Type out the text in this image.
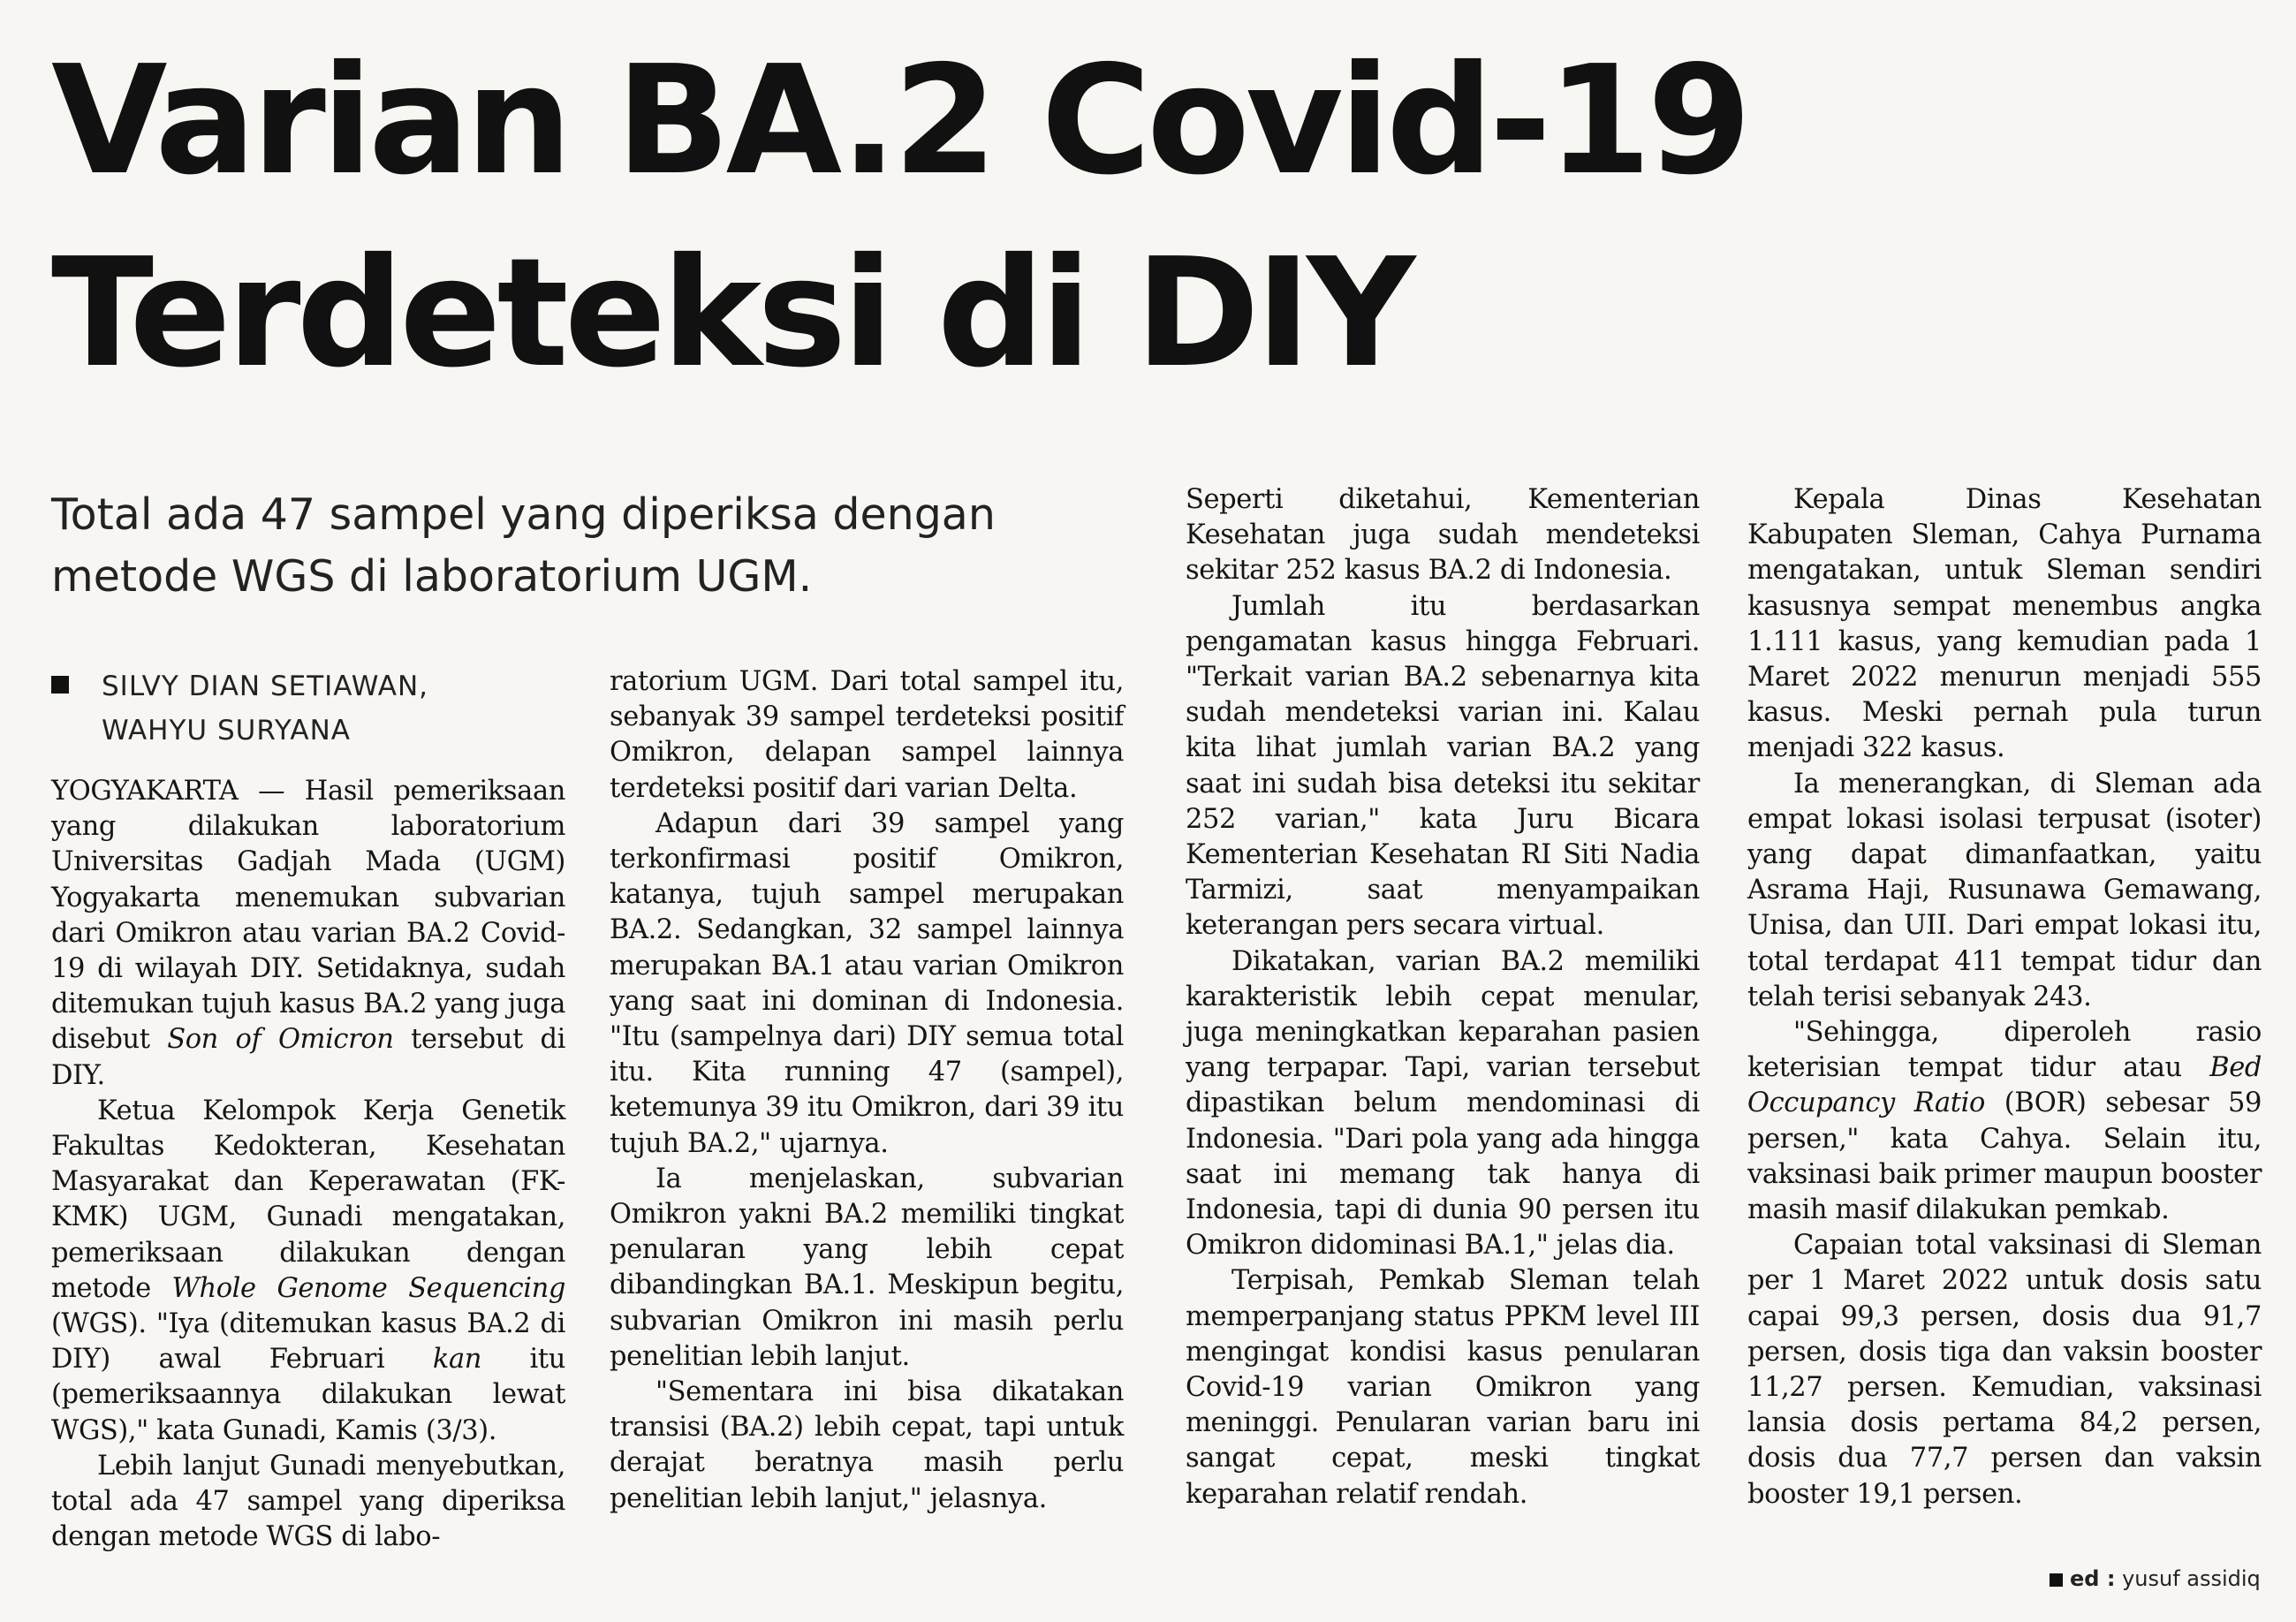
Varian BA.2 Covid-19
Terdeteksi di DIY
Total ada 47 sampel yang diperiksa dengan metode WGS di laboratorium UGM.
SILVY DIAN SETIAWAN,
WAHYU SURYANA

YOGYAKARTA — Hasil pemeriksaan yang dilakukan laboratorium Universitas Gadjah Mada (UGM) Yogyakarta menemukan subvarian dari Omikron atau varian BA.2 Covid-19 di wilayah DIY. Setidaknya, sudah ditemukan tujuh kasus BA.2 yang juga disebut Son of Omicron tersebut di DIY.

Ketua Kelompok Kerja Genetik Fakultas Kedokteran, Kesehatan Masyarakat dan Keperawatan (FK-KMK) UGM, Gunadi mengatakan, pemeriksaan dilakukan dengan metode Whole Genome Sequencing (WGS). "Iya (ditemukan kasus BA.2 di DIY) awal Februari kan itu (pemeriksaannya dilakukan lewat WGS)," kata Gunadi, Kamis (3/3).

Lebih lanjut Gunadi menyebutkan, total ada 47 sampel yang diperiksa dengan metode WGS di labo-

ratorium UGM. Dari total sampel itu, sebanyak 39 sampel terdeteksi positif Omikron, delapan sampel lainnya terdeteksi positif dari varian Delta.

Adapun dari 39 sampel yang terkonfirmasi positif Omikron, katanya, tujuh sampel merupakan BA.2. Sedangkan, 32 sampel lainnya merupakan BA.1 atau varian Omikron yang saat ini dominan di Indonesia. "Itu (sampelnya dari) DIY semua total itu. Kita running 47 (sampel), ketemunya 39 itu Omikron, dari 39 itu tujuh BA.2," ujarnya.

Ia menjelaskan, subvarian Omikron yakni BA.2 memiliki tingkat penularan yang lebih cepat dibandingkan BA.1. Meskipun begitu, subvarian Omikron ini masih perlu penelitian lebih lanjut.

"Sementara ini bisa dikatakan transisi (BA.2) lebih cepat, tapi untuk derajat beratnya masih perlu penelitian lebih lanjut," jelasnya.

Seperti diketahui, Kementerian Kesehatan juga sudah mendeteksi sekitar 252 kasus BA.2 di Indonesia.

Jumlah itu berdasarkan pengamatan kasus hingga Februari. "Terkait varian BA.2 sebenarnya kita sudah mendeteksi varian ini. Kalau kita lihat jumlah varian BA.2 yang saat ini sudah bisa deteksi itu sekitar 252 varian," kata Juru Bicara Kementerian Kesehatan RI Siti Nadia Tarmizi, saat menyampaikan keterangan pers secara virtual.

Dikatakan, varian BA.2 memiliki karakteristik lebih cepat menular, juga meningkatkan keparahan pasien yang terpapar. Tapi, varian tersebut dipastikan belum mendominasi di Indonesia. "Dari pola yang ada hingga saat ini memang tak hanya di Indonesia, tapi di dunia 90 persen itu Omikron didominasi BA.1," jelas dia.

Terpisah, Pemkab Sleman telah memperpanjang status PPKM level III mengingat kondisi kasus penularan Covid-19 varian Omikron yang meninggi. Penularan varian baru ini sangat cepat, meski tingkat keparahan relatif rendah.

Kepala Dinas Kesehatan Kabupaten Sleman, Cahya Purnama mengatakan, untuk Sleman sendiri kasusnya sempat menembus angka 1.111 kasus, yang kemudian pada 1 Maret 2022 menurun menjadi 555 kasus. Meski pernah pula turun menjadi 322 kasus.

Ia menerangkan, di Sleman ada empat lokasi isolasi terpusat (isoter) yang dapat dimanfaatkan, yaitu Asrama Haji, Rusunawa Gemawang, Unisa, dan UII. Dari empat lokasi itu, total terdapat 411 tempat tidur dan telah terisi sebanyak 243.

"Sehingga, diperoleh rasio keterisian tempat tidur atau Bed Occupancy Ratio (BOR) sebesar 59 persen," kata Cahya. Selain itu, vaksinasi baik primer maupun booster masih masif dilakukan pemkab.

Capaian total vaksinasi di Sleman per 1 Maret 2022 untuk dosis satu capai 99,3 persen, dosis dua 91,7 persen, dosis tiga dan vaksin booster 11,27 persen. Kemudian, vaksinasi lansia dosis pertama 84,2 persen, dosis dua 77,7 persen dan vaksin booster 19,1 persen.

ed : yusuf assidiq
